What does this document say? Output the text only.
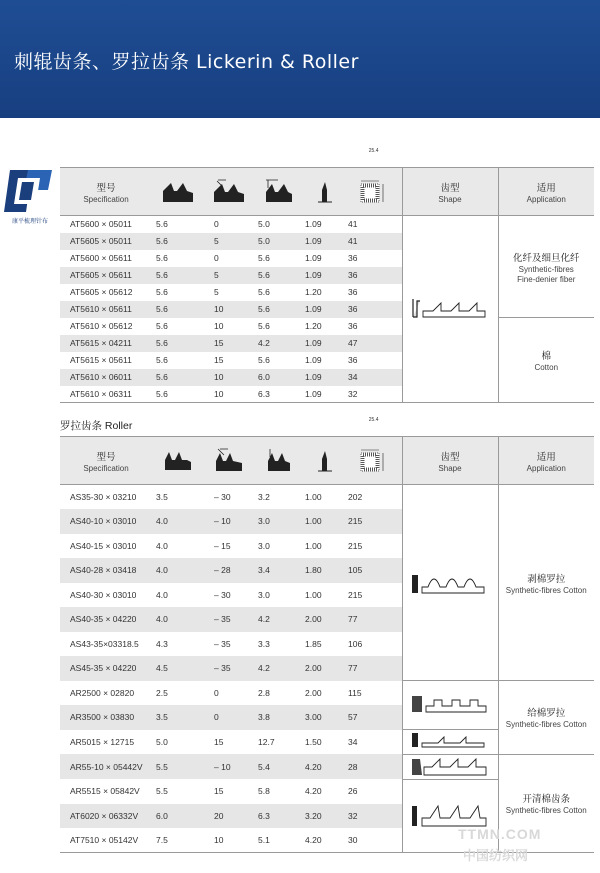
刺辊齿条、罗拉齿条 Lickerin & Roller
康平梳理针布
型号
Specification					25.4	齿型
Shape	适用
Application

AT5600 × 05011	5.6	0	5.0	1.09	41		化纤及细旦化纤
Synthetic-fibres
Fine-denier fiber

AT5605 × 05011	5.6	5	5.0	1.09	41		
AT5600 × 05611	5.6	0	5.6	1.09	36		
AT5605 × 05611	5.6	5	5.6	1.09	36		
AT5605 × 05612	5.6	5	5.6	1.20	36		
AT5610 × 05611	5.6	10	5.6	1.09	36		
AT5610 × 05612	5.6	10	5.6	1.20	36		棉
Cotton

AT5615 × 04211	5.6	15	4.2	1.09	47		
AT5615 × 05611	5.6	15	5.6	1.09	36		
AT5610 × 06011	5.6	10	6.0	1.09	34		
AT5610 × 06311	5.6	10	6.3	1.09	32		
罗拉齿条 Roller
型号
Specification					25.4	齿型
Shape	适用
Application

AS35-30 × 03210	3.5	– 30	3.2	1.00	202		剥棉罗拉
Synthetic-fibres Cotton

AS40-10 × 03010	4.0	– 10	3.0	1.00	215		
AS40-15 × 03010	4.0	– 15	3.0	1.00	215		
AS40-28 × 03418	4.0	– 28	3.4	1.80	105		
AS40-30 × 03010	4.0	– 30	3.0	1.00	215		
AS40-35 × 04220	4.0	– 35	4.2	2.00	77		
AS43-35×03318.5	4.3	– 35	3.3	1.85	106		
AS45-35 × 04220	4.5	– 35	4.2	2.00	77		
AR2500 × 02820	2.5	0	2.8	2.00	115		给棉罗拉
Synthetic-fibres Cotton

AR3500 × 03830	3.5	0	3.8	3.00	57		
AR5015 × 12715	5.0	15	12.7	1.50	34	
AR55-10 × 05442V	5.5	– 10	5.4	4.20	28		开清棉齿条
Synthetic-fibres Cotton

AR5515 × 05842V	5.5	15	5.8	4.20	26	
AT6020 × 06332V	6.0	20	6.3	3.20	32		
AT7510 × 05142V	7.5	10	5.1	4.20	30			TTMN.COM
中国纺织网
